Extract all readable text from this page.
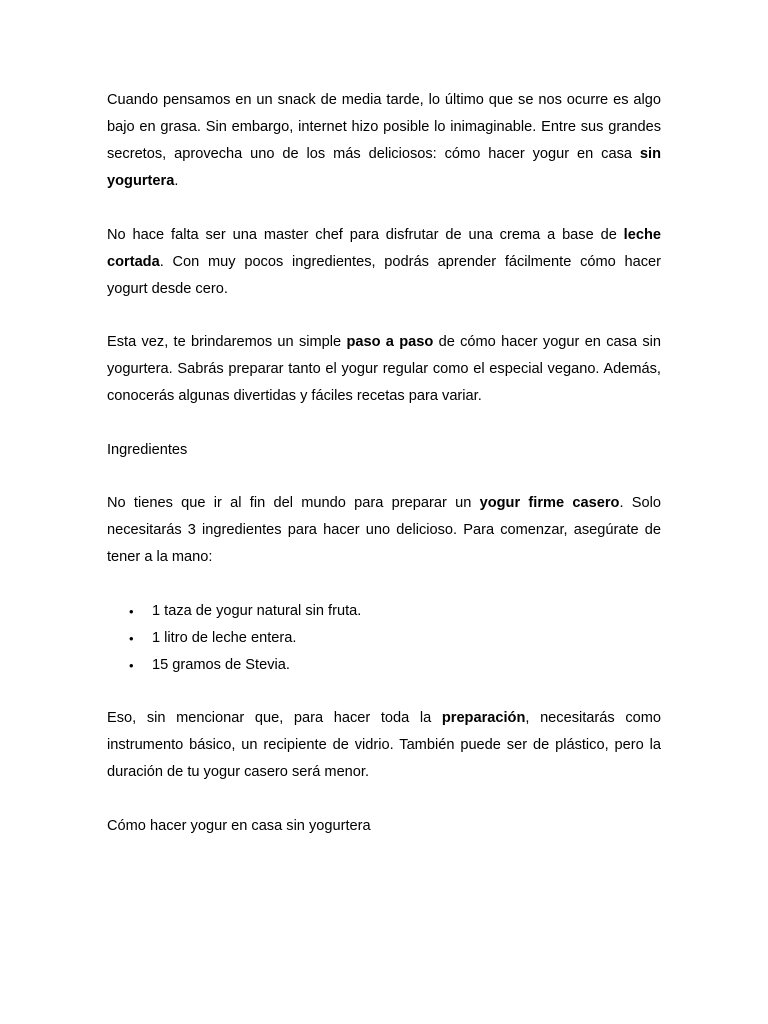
Cuando pensamos en un snack de media tarde, lo último que se nos ocurre es algo bajo en grasa. Sin embargo, internet hizo posible lo inimaginable. Entre sus grandes secretos, aprovecha uno de los más deliciosos: cómo hacer yogur en casa sin yogurtera.

No hace falta ser una master chef para disfrutar de una crema a base de leche cortada. Con muy pocos ingredientes, podrás aprender fácilmente cómo hacer yogurt desde cero.

Esta vez, te brindaremos un simple paso a paso de cómo hacer yogur en casa sin yogurtera. Sabrás preparar tanto el yogur regular como el especial vegano. Además, conocerás algunas divertidas y fáciles recetas para variar.

Ingredientes

No tienes que ir al fin del mundo para preparar un yogur firme casero. Solo necesitarás 3 ingredientes para hacer uno delicioso. Para comenzar, asegúrate de tener a la mano:

• 1 taza de yogur natural sin fruta.
• 1 litro de leche entera.
• 15 gramos de Stevia.

Eso, sin mencionar que, para hacer toda la preparación, necesitarás como instrumento básico, un recipiente de vidrio. También puede ser de plástico, pero la duración de tu yogur casero será menor.

Cómo hacer yogur en casa sin yogurtera
